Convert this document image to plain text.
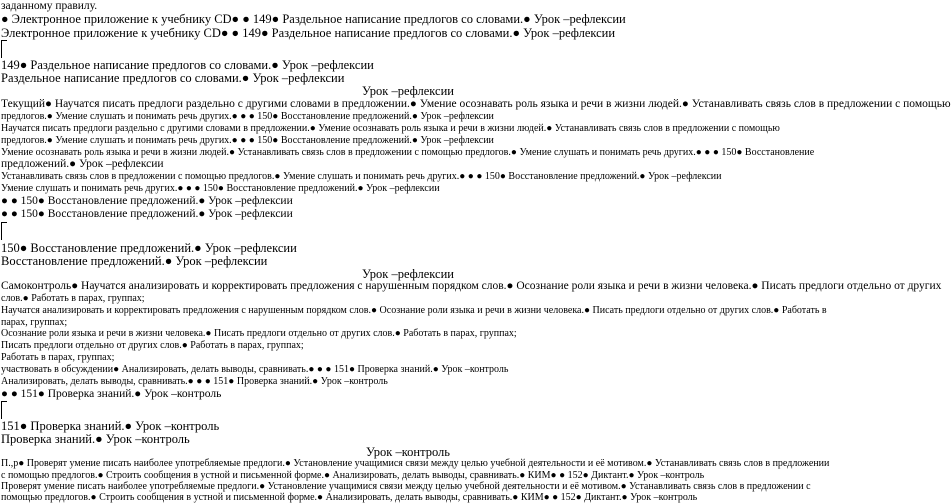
заданному правилу.
● Электронное приложение к учебнику CD● ● 149● Раздельное написание предлогов со словами.● Урок –рефлексии
Электронное приложение к учебнику CD● ● 149● Раздельное написание предлогов со словами.● Урок –рефлексии
149● Раздельное написание предлогов со словами.● Урок –рефлексии
Раздельное написание предлогов со словами.● Урок –рефлексии
Урок –рефлексии
Текущий● Научатся писать предлоги раздельно с другими словами в предложении.● Умение осознавать роль языка и речи в жизни людей.● Устанавливать связь слов в предложении с помощью
предлогов.● Умение слушать и понимать речь других.● ● ● 150● Восстановление предложений.● Урок –рефлексии
Научатся писать предлоги раздельно с другими словами в предложении.● Умение осознавать роль языка и речи в жизни людей.● Устанавливать связь слов в предложении с помощью
предлогов.● Умение слушать и понимать речь других.● ● ● 150● Восстановление предложений.● Урок –рефлексии
Умение осознавать роль языка и речи в жизни людей.● Устанавливать связь слов в предложении с помощью предлогов.● Умение слушать и понимать речь других.● ● ● 150● Восстановление
предложений.● Урок –рефлексии
Устанавливать связь слов в предложении с помощью предлогов.● Умение слушать и понимать речь других.● ● ● 150● Восстановление предложений.● Урок –рефлексии
Умение слушать и понимать речь других.● ● ● 150● Восстановление предложений.● Урок –рефлексии
● ● 150● Восстановление предложений.● Урок –рефлексии
● ● 150● Восстановление предложений.● Урок –рефлексии
150● Восстановление предложений.● Урок –рефлексии
Восстановление предложений.● Урок –рефлексии
Урок –рефлексии
Самоконтроль● Научатся анализировать и корректировать предложения с нарушенным порядком слов.● Осознание роли языка и речи в жизни человека.● Писать предлоги отдельно от других
слов.● Работать в парах, группах;
Научатся анализировать и корректировать предложения с нарушенным порядком слов.● Осознание роли языка и речи в жизни человека.● Писать предлоги отдельно от других слов.● Работать в
парах, группах;
Осознание роли языка и речи в жизни человека.● Писать предлоги отдельно от других слов.● Работать в парах, группах;
Писать предлоги отдельно от других слов.● Работать в парах, группах;
Работать в парах, группах;
участвовать в обсуждении● Анализировать, делать выводы, сравнивать.● ● ● 151● Проверка знаний.● Урок –контроль
Анализировать, делать выводы, сравнивать.● ● ● 151● Проверка знаний.● Урок –контроль
● ● 151● Проверка знаний.● Урок –контроль
151● Проверка знаний.● Урок –контроль
Проверка знаний.● Урок –контроль
Урок –контроль
П.,р● Проверят умение писать наиболее употребляемые предлоги.● Установление учащимися связи между целью учебной деятельности и её мотивом.● Устанавливать связь слов в предложении
с помощью предлогов.● Строить сообщения в устной и письменной форме.● Анализировать, делать выводы, сравнивать.● КИМ● ● 152● Диктант.● Урок –контроль
Проверят умение писать наиболее употребляемые предлоги.● Установление учащимися связи между целью учебной деятельности и её мотивом.● Устанавливать связь слов в предложении с
помощью предлогов.● Строить сообщения в устной и письменной форме.● Анализировать, делать выводы, сравнивать.● КИМ● ● 152● Диктант.● Урок –контроль
